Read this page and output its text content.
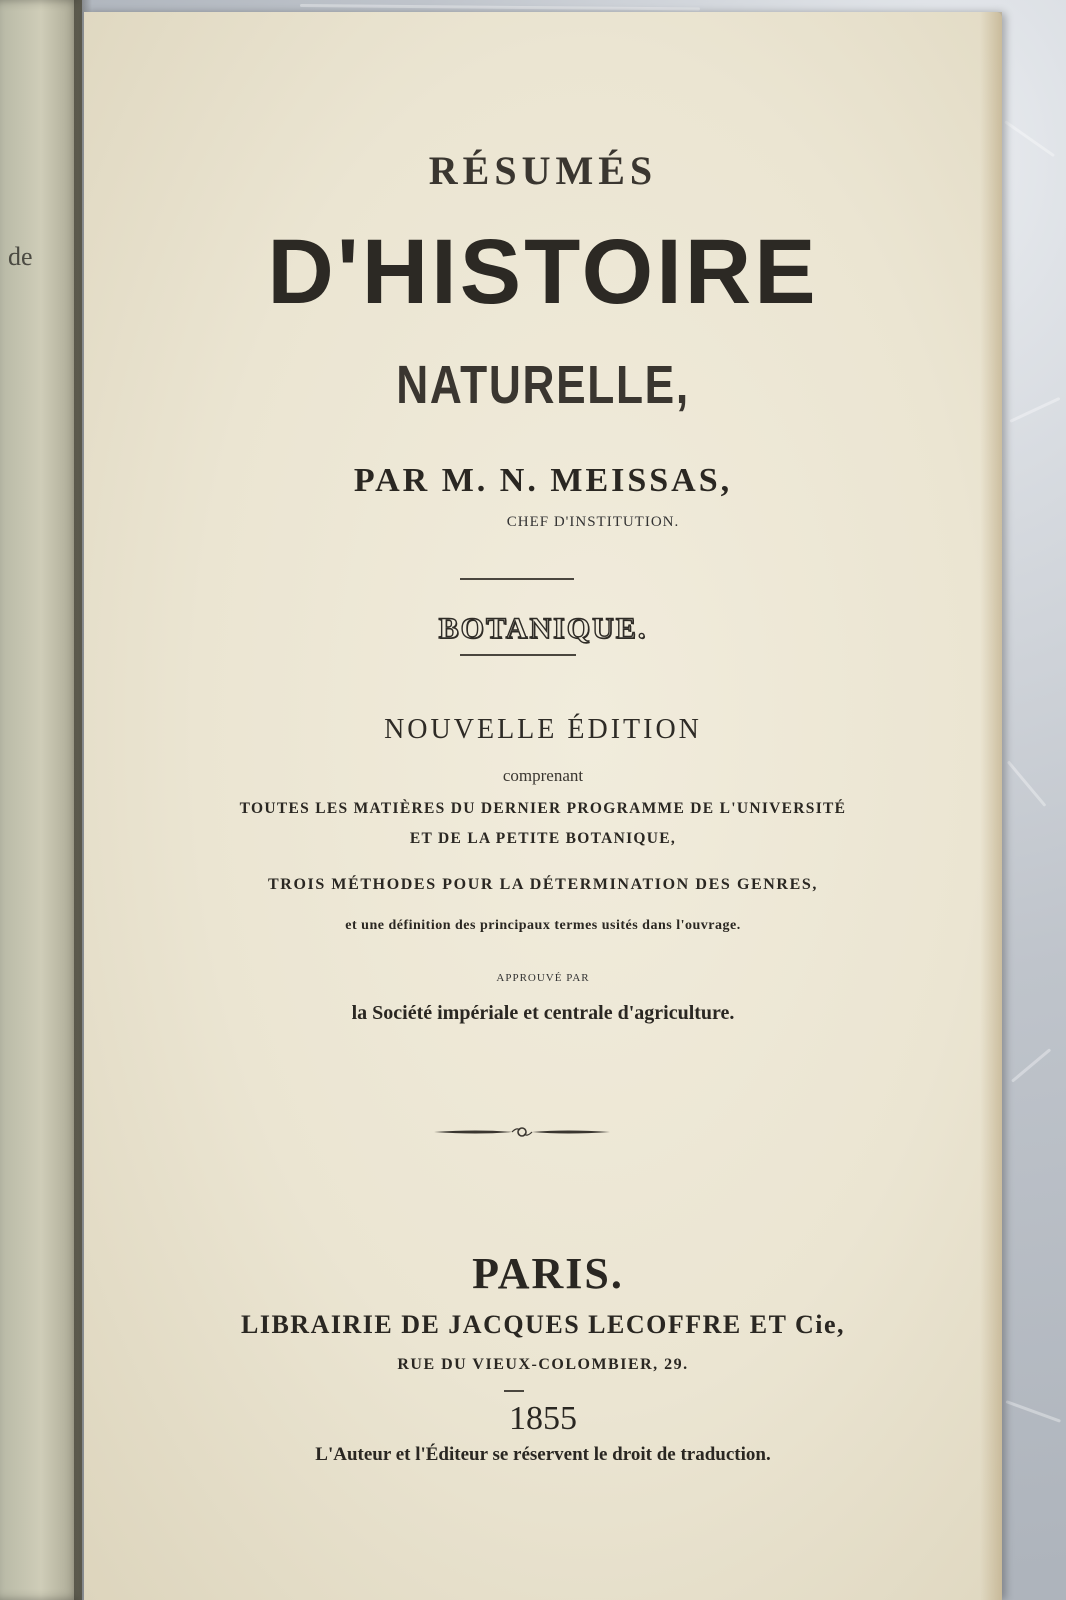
de
RÉSUMÉS
D'HISTOIRE
NATURELLE,
PAR M. N. MEISSAS,
CHEF D'INSTITUTION.
BOTANIQUE.
NOUVELLE ÉDITION
comprenant
TOUTES LES MATIÈRES DU DERNIER PROGRAMME DE L'UNIVERSITÉ
ET DE LA PETITE BOTANIQUE,
TROIS MÉTHODES POUR LA DÉTERMINATION DES GENRES,
et une définition des principaux termes usités dans l'ouvrage.
APPROUVÉ PAR
la Société impériale et centrale d'agriculture.
PARIS.
LIBRAIRIE DE JACQUES LECOFFRE ET Cie,
RUE DU VIEUX-COLOMBIER, 29.
1855
L'Auteur et l'Éditeur se réservent le droit de traduction.
